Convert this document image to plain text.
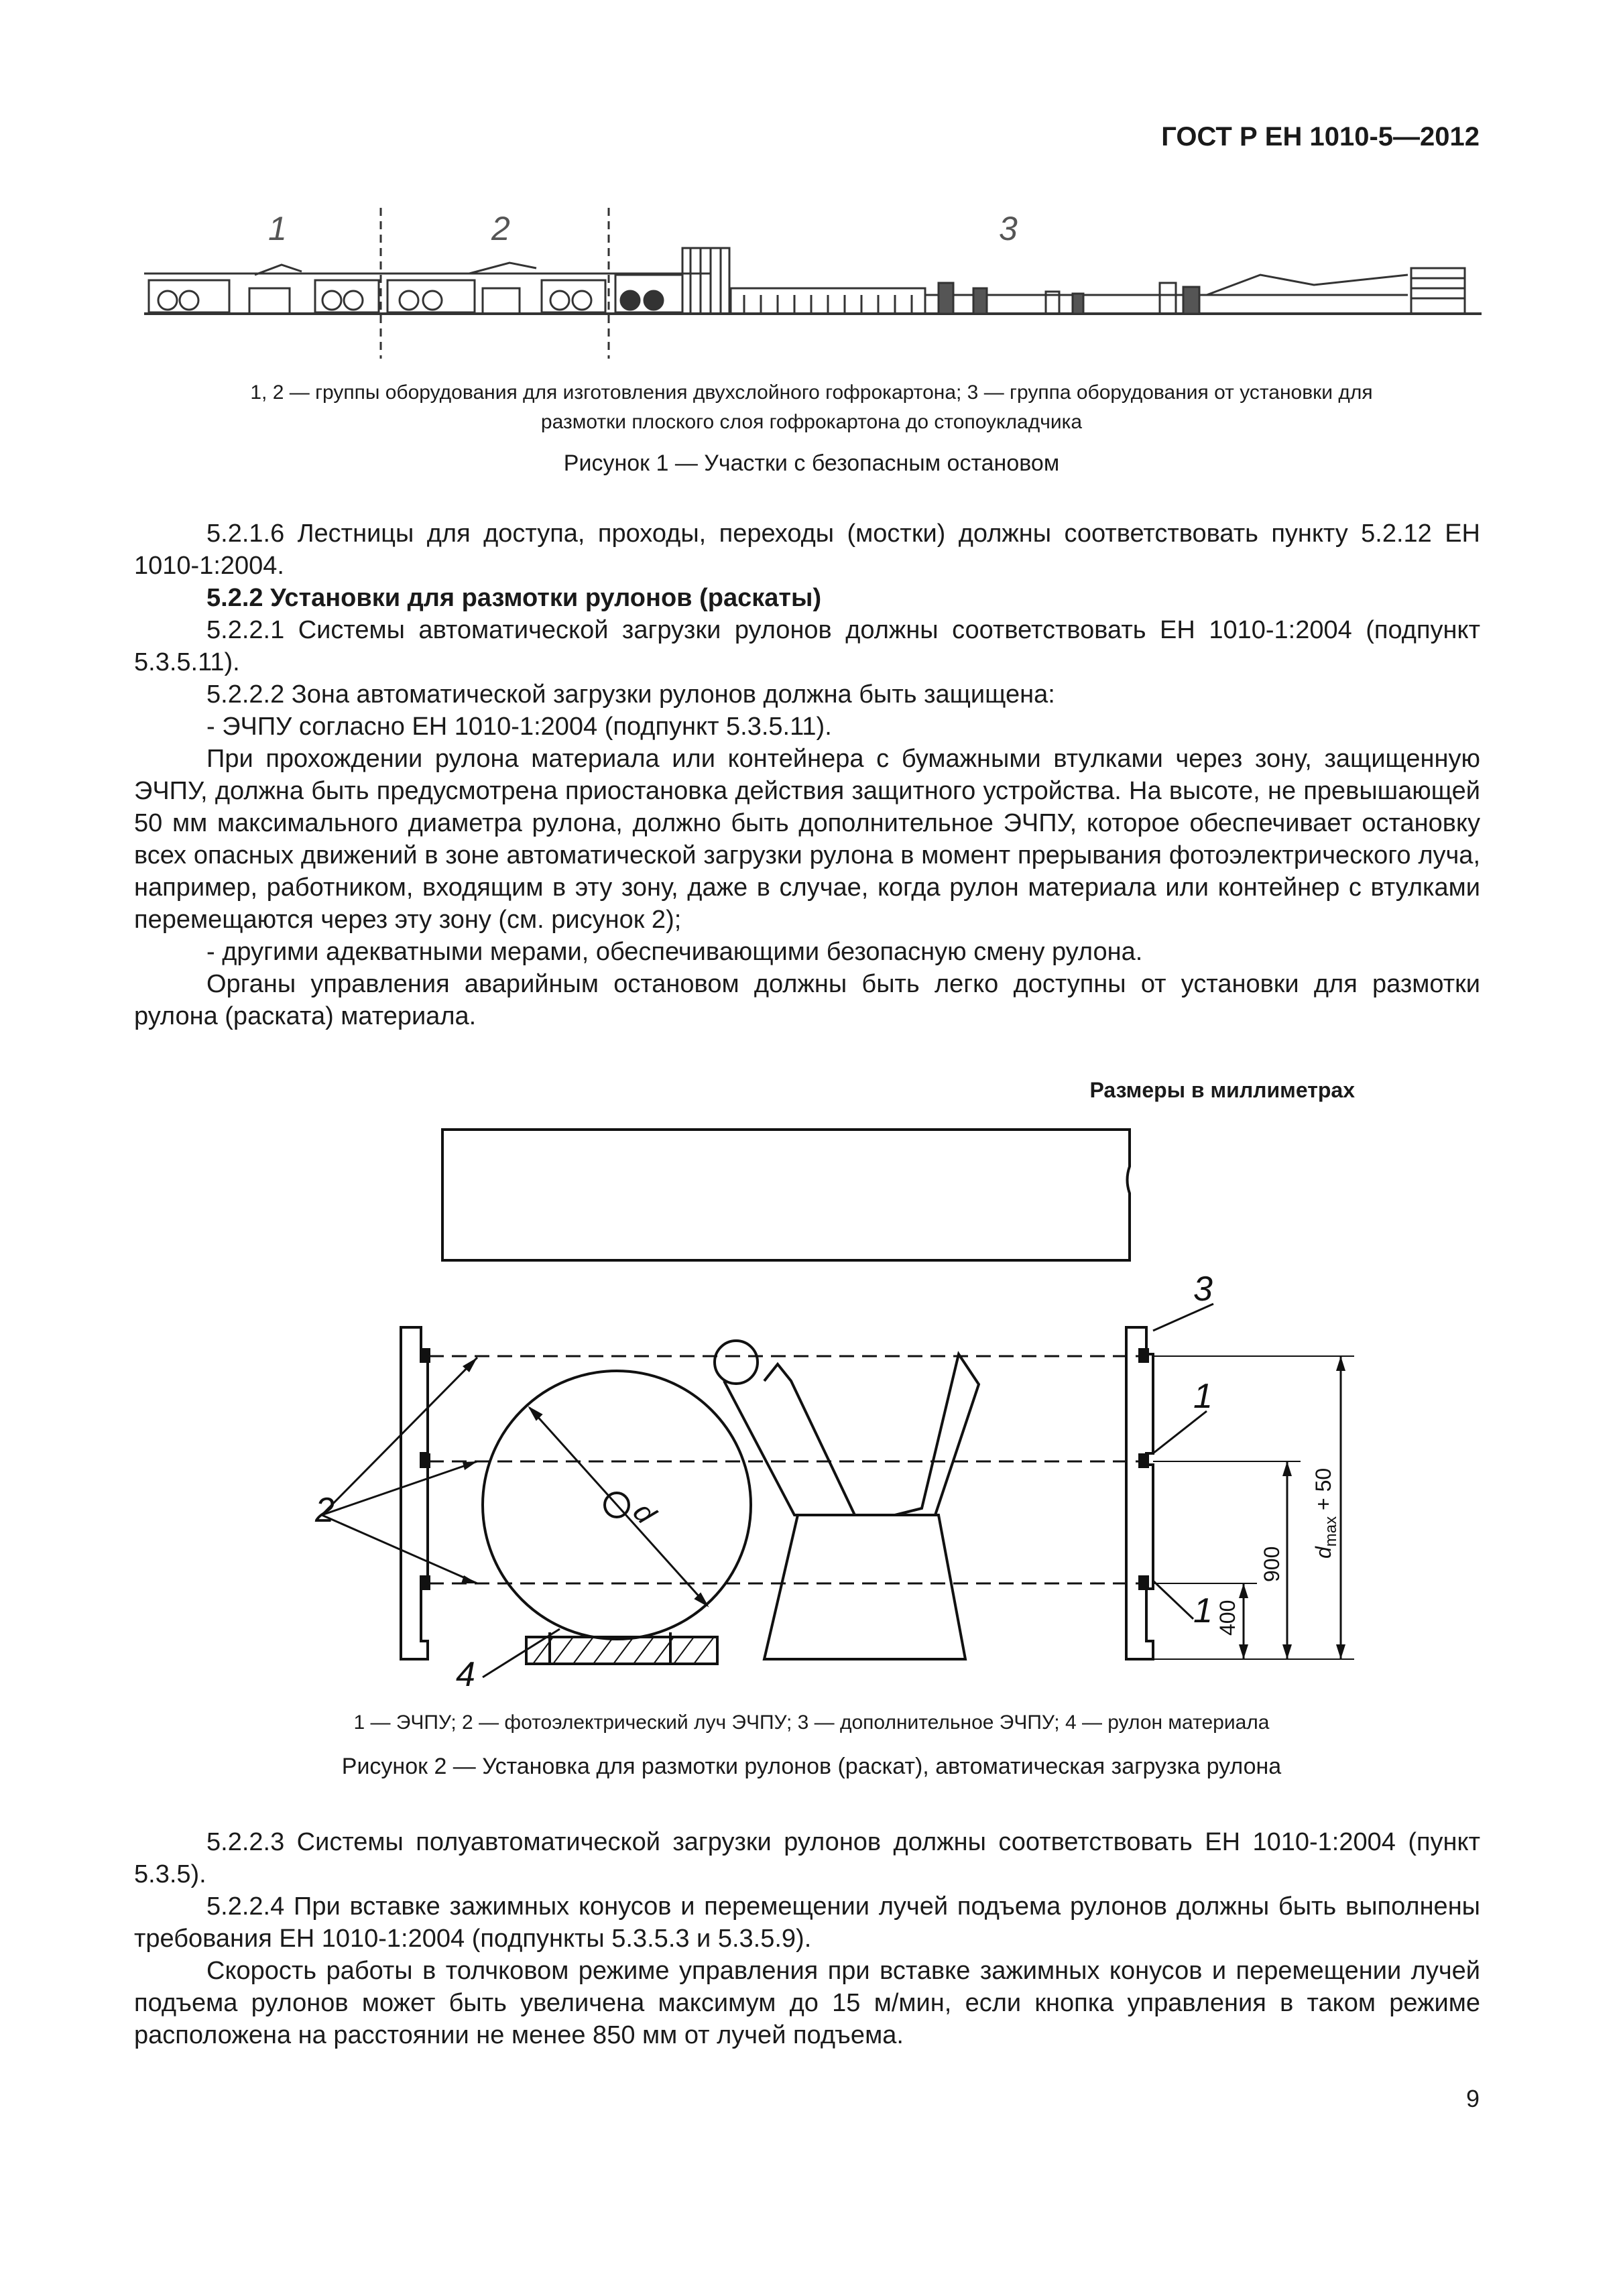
ГОСТ Р ЕН 1010-5—2012
1	2	3
1, 2 — группы оборудования для изготовления двухслойного гофрокартона; 3 — группа оборудования от установки для
размотки плоского слоя гофрокартона до стопоукладчика
Рисунок 1 — Участки с безопасным остановом

5.2.1.6 Лестницы для доступа, проходы, переходы (мостки) должны соответствовать пункту 5.2.12 ЕН 1010-1:2004.

5.2.2 Установки для размотки рулонов (раскаты)

5.2.2.1 Системы автоматической загрузки рулонов должны соответствовать ЕН 1010-1:2004 (подпункт 5.3.5.11).

5.2.2.2 Зона автоматической загрузки рулонов должна быть защищена:

- ЭЧПУ согласно ЕН 1010-1:2004 (подпункт 5.3.5.11).

При прохождении рулона материала или контейнера с бумажными втулками через зону, защищенную ЭЧПУ, должна быть предусмотрена приостановка действия защитного устройства. На высоте, не превышающей 50 мм максимального диаметра рулона, должно быть дополнительное ЭЧПУ, которое обеспечивает остановку всех опасных движений в зоне автоматической загрузки рулона в момент прерывания фотоэлектрического луча, например, работником, входящим в эту зону, даже в случае, когда рулон материала или контейнер с втулками перемещаются через эту зону (см. рисунок 2);

- другими адекватными мерами, обеспечивающими безопасную смену рулона.

Органы управления аварийным остановом должны быть легко доступны от установки для размотки рулона (раската) материала.

Размеры в миллиметрах
3
1
1
2
4
d
400
900 $d_{max} + 50$
1 — ЭЧПУ; 2 — фотоэлектрический луч ЭЧПУ; 3 — дополнительное ЭЧПУ; 4 — рулон материала
Рисунок 2 — Установка для размотки рулонов (раскат), автоматическая загрузка рулона

5.2.2.3 Системы полуавтоматической загрузки рулонов должны соответствовать ЕН 1010-1:2004 (пункт 5.3.5).

5.2.2.4 При вставке зажимных конусов и перемещении лучей подъема рулонов должны быть выполнены требования ЕН 1010-1:2004 (подпункты 5.3.5.3 и 5.3.5.9).

Скорость работы в толчковом режиме управления при вставке зажимных конусов и перемещении лучей подъема рулонов может быть увеличена максимум до 15 м/мин, если кнопка управления в таком режиме расположена на расстоянии не менее 850 мм от лучей подъема.

9
